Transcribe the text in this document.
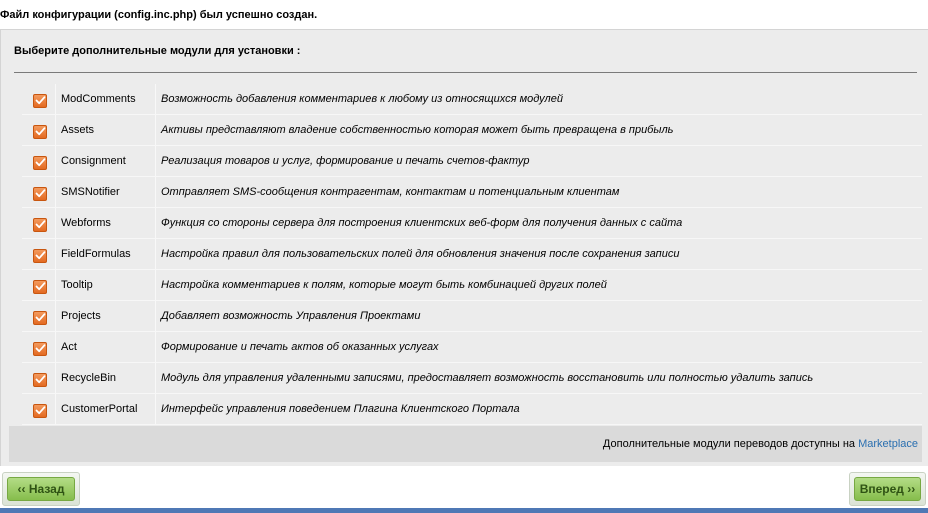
Файл конфигурации (config.inc.php) был успешно создан.
Выберите дополнительные модули для установки :
ModComments Возможность добавления комментариев к любому из относящихся модулей
Assets	Активы представляют владение собственностью которая может быть превращена в прибыль
Consignment	Реализация товаров и услуг, формирование и печать счетов-фактур
SMSNotifier	Отправляет SMS-сообщения контрагентам, контактам и потенциальным клиентам
Webforms	Функция со стороны сервера для построения клиентских веб-форм для получения данных с сайта
FieldFormulas	Настройка правил для пользовательских полей для обновления значения после сохранения записи
Tooltip	Настройка комментариев к полям, которые могут быть комбинацией других полей
Projects	Добавляет возможность Управления Проектами
Act	Формирование и печать актов об оказанных услугах
RecycleBin	Модуль для управления удаленными записями, предоставляет возможность восстановить или полностью удалить запись
CustomerPortal Интерфейс управления поведением Плагина Клиентского Портала
Дополнительные модули переводов доступны на Marketplace
‹‹ Назад	Вперед ››
